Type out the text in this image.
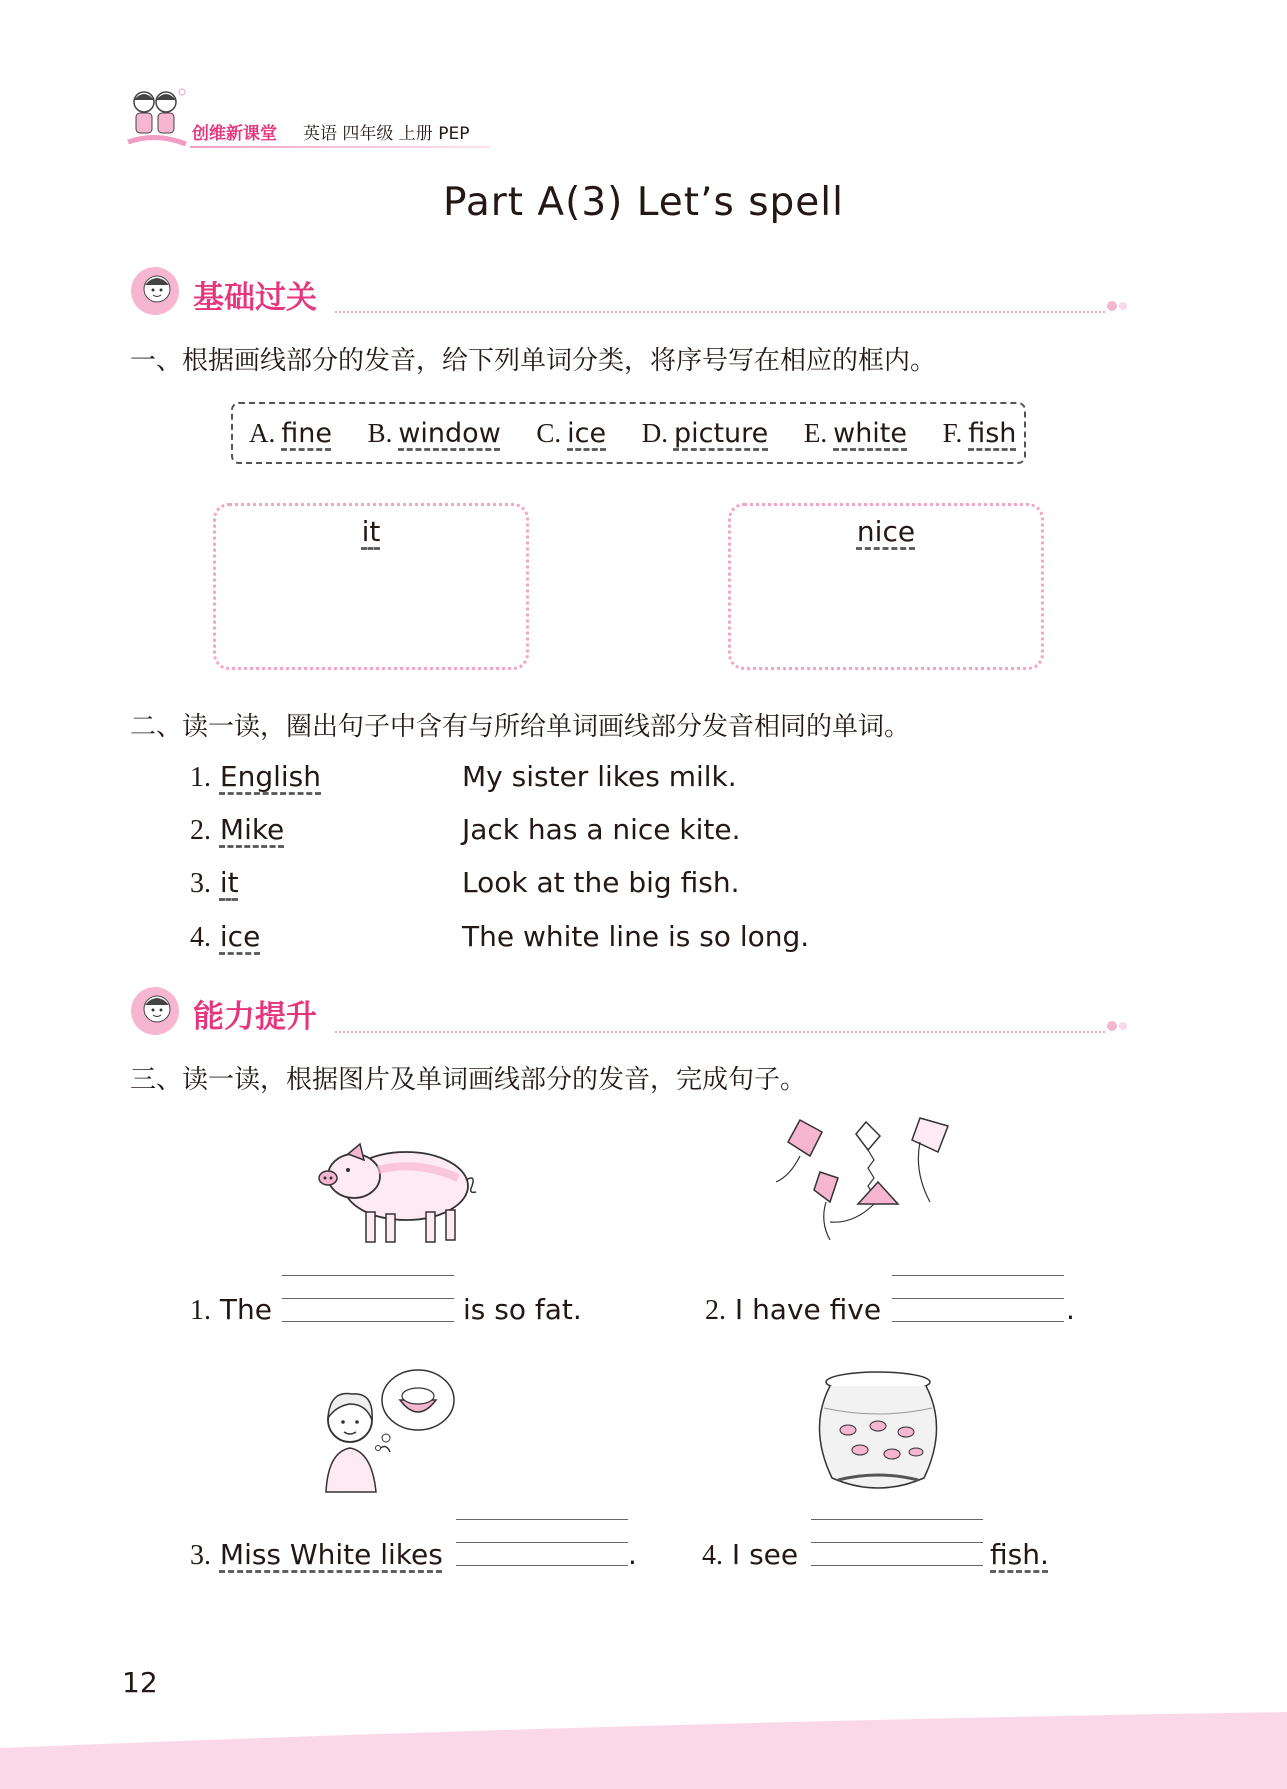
创维新课堂 英语 四年级 上册 PEP
Part A(3) Let’s spell
基础过关
一、根据画线部分的发音，给下列单词分类，将序号写在相应的框内。
A. fine B. window C. ice D. picture E. white F. fish
it	nice
二、读一读，圈出句子中含有与所给单词画线部分发音相同的单词。
1. English	My sister likes milk.
2. Mike	Jack has a nice kite.
3. it	Look at the big fish.
4. ice	The white line is so long.
能力提升
三、读一读，根据图片及单词画线部分的发音，完成句子。
1. The	is so fat.	2. I have five	.
3. Miss White likes	. 4. I see	fish.
12
